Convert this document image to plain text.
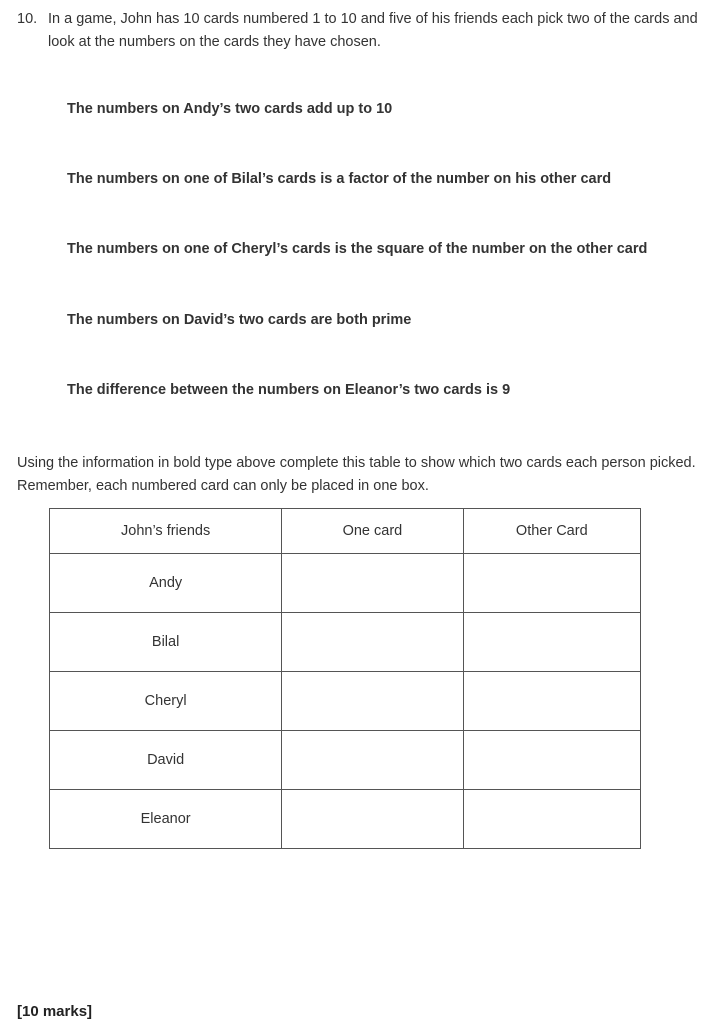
10. In a game, John has 10 cards numbered 1 to 10 and five of his friends each pick two of the cards and look at the numbers on the cards they have chosen.
The numbers on Andy’s two cards add up to 10
The numbers on one of Bilal’s cards is a factor of the number on his other card
The numbers on one of Cheryl’s cards is the square of the number on the other card
The numbers on David’s two cards are both prime
The difference between the numbers on Eleanor’s two cards is 9
Using the information in bold type above complete this table to show which two cards each person picked. Remember, each numbered card can only be placed in one box.
John’s friends	One card	Other Card
Andy		
Bilal		
Cheryl		
David		
Eleanor		
[10 marks]
